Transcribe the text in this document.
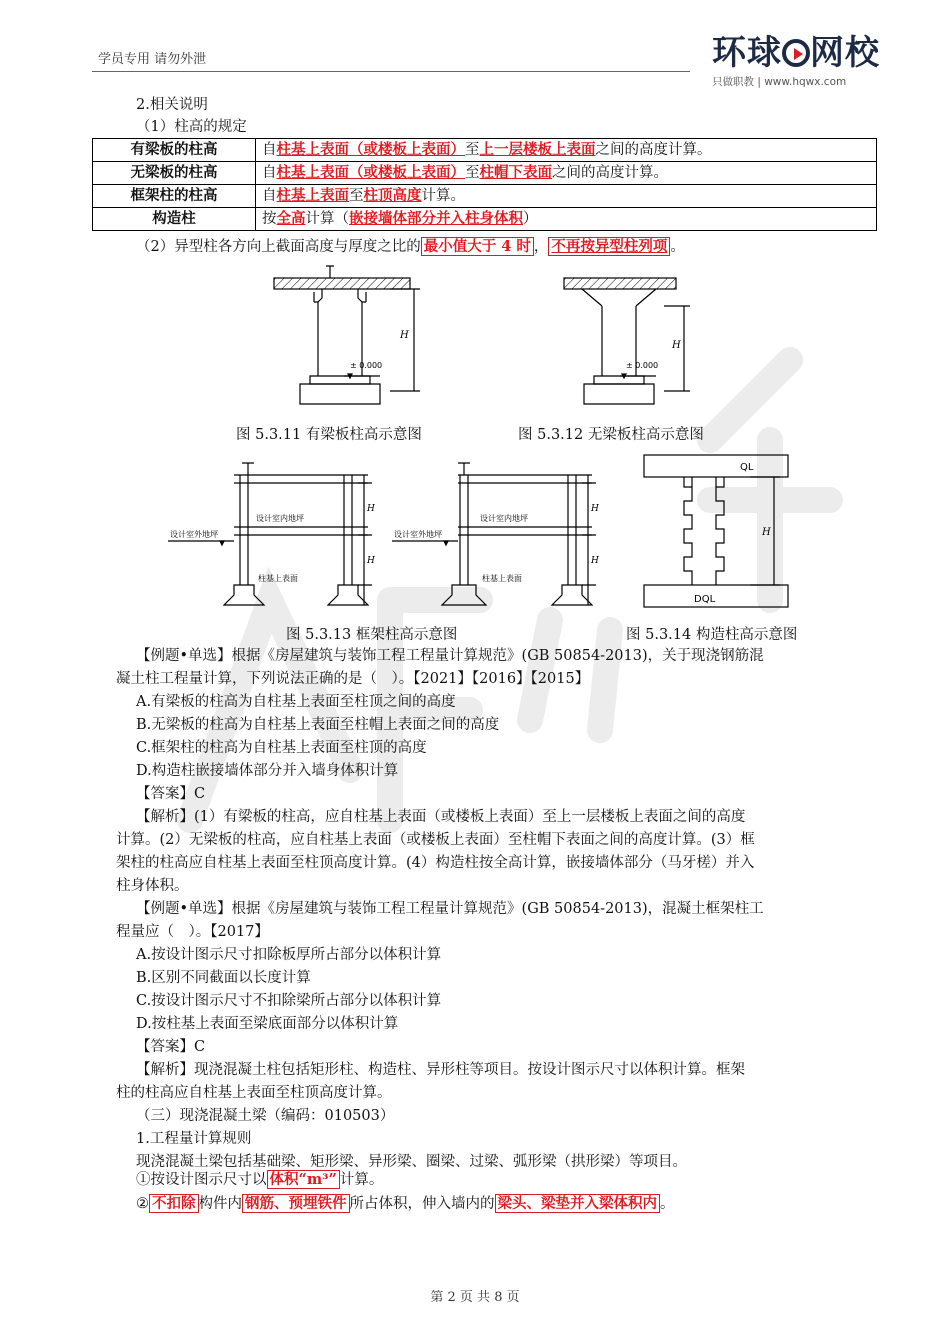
学员专用 请勿外泄	环球 网校
只做职教 | www.hqwx.com
2.相关说明
（1）柱高的规定
有梁板的柱高	自柱基上表面（或楼板上表面）至上一层楼板上表面之间的高度计算。
无梁板的柱高	自柱基上表面（或楼板上表面）至柱帽下表面之间的高度计算。
框架柱的柱高	自柱基上表面至柱顶高度计算。
构造柱	按全高计算（嵌接墙体部分并入柱身体积）
（2）异型柱各方向上截面高度与厚度之比的 最小值大于 4 时 ， 不再按异型柱列项 。
H
± 0.000
H
± 0.000
图 5.3.11 有梁板柱高示意图	图 5.3.12 无梁板柱高示意图
设计室外地坪
设计室内地坪
柱基上表面
H
H
设计室外地坪
设计室内地坪
柱基上表面
H
H
QL
DQL
H
图 5.3.13 框架柱高示意图	图 5.3.14 构造柱高示意图
【例题•单选】根据《房屋建筑与装饰工程工程量计算规范》(GB 50854-2013)，关于现浇钢筋混
凝土柱工程量计算，下列说法正确的是（　）。【2021】【2016】【2015】
A.有梁板的柱高为自柱基上表面至柱顶之间的高度
B.无梁板的柱高为自柱基上表面至柱帽上表面之间的高度
C.框架柱的柱高为自柱基上表面至柱顶的高度
D.构造柱嵌接墙体部分并入墙身体积计算
【答案】C
【解析】(1）有梁板的柱高，应自柱基上表面（或楼板上表面）至上一层楼板上表面之间的高度
计算。(2）无梁板的柱高，应自柱基上表面（或楼板上表面）至柱帽下表面之间的高度计算。(3）框
架柱的柱高应自柱基上表面至柱顶高度计算。(4）构造柱按全高计算，嵌接墙体部分（马牙槎）并入
柱身体积。
【例题•单选】根据《房屋建筑与装饰工程工程量计算规范》(GB 50854-2013)，混凝土框架柱工
程量应（　）。【2017】
A.按设计图示尺寸扣除板厚所占部分以体积计算
B.区别不同截面以长度计算
C.按设计图示尺寸不扣除梁所占部分以体积计算
D.按柱基上表面至梁底面部分以体积计算
【答案】C
【解析】现浇混凝土柱包括矩形柱、构造柱、异形柱等项目。按设计图示尺寸以体积计算。框架
柱的柱高应自柱基上表面至柱顶高度计算。
（三）现浇混凝土梁（编码：010503）
1.工程量计算规则
现浇混凝土梁包括基础梁、矩形梁、异形梁、圈梁、过梁、弧形梁（拱形梁）等项目。
①按设计图示尺寸以 体积“m³” 计算。
② 不扣除 构件内 钢筋、预埋铁件 所占体积，伸入墙内的 梁头、梁垫并入梁体积内 。
第 2 页 共 8 页
